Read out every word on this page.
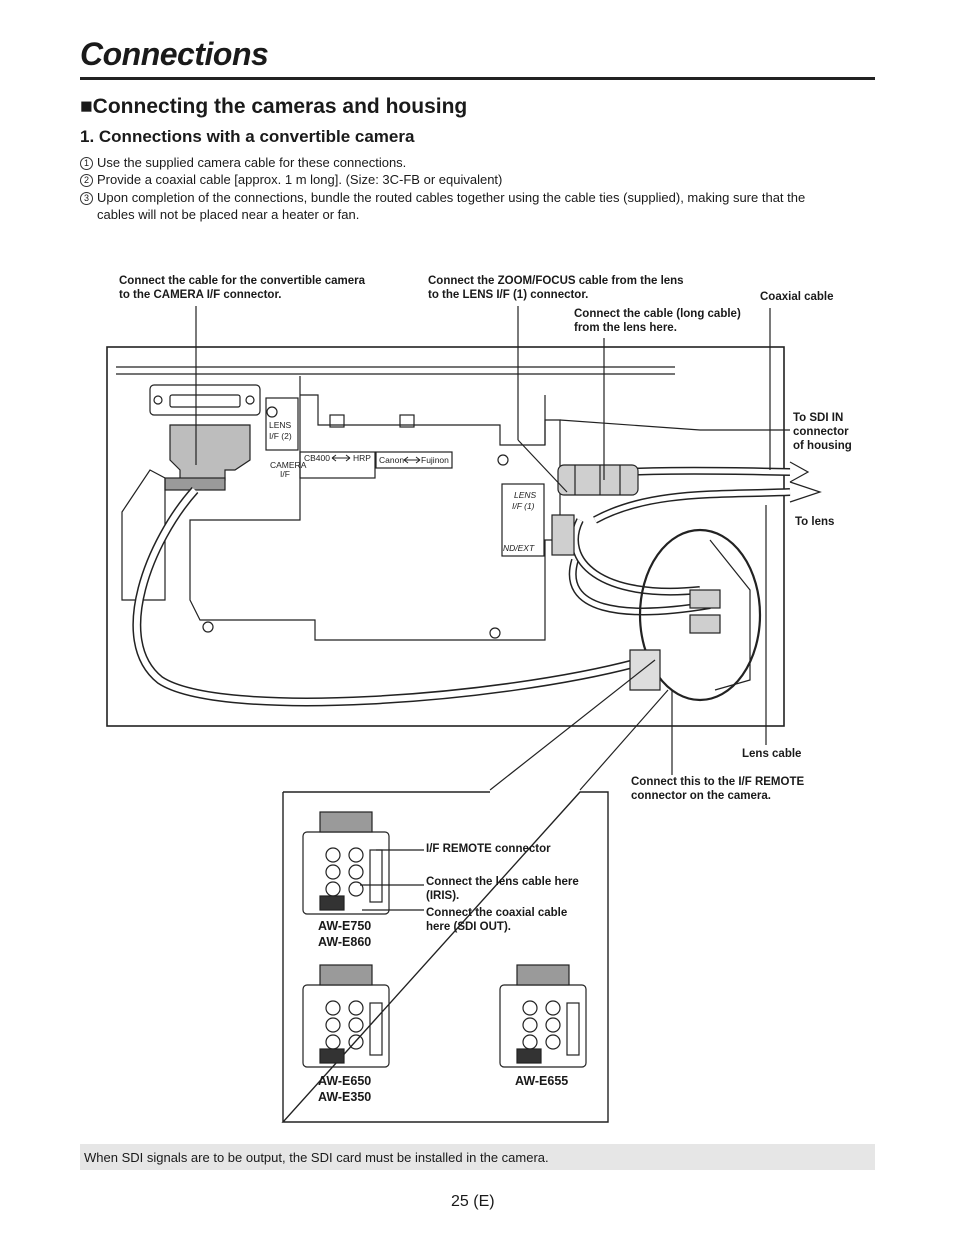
Connections
■Connecting the cameras and housing
1. Connections with a convertible camera
1 Use the supplied camera cable for these connections.
2 Provide a coaxial cable [approx. 1 m long]. (Size: 3C-FB or equivalent)
3 Upon completion of the connections, bundle the routed cables together using the cable ties (supplied), making sure that the
cables will not be placed near a heater or fan.
LENS
I/F (2)
CAMERA
I/F
CB400	HRP Canon Fujinon
LENS
I/F (1)
ND/EXT
Connect the cable for the convertible camera
to the CAMERA I/F connector.
Connect the ZOOM/FOCUS cable from the lens
to the LENS I/F (1) connector.
Connect the cable (long cable)
from the lens here.
Coaxial cable
To SDI IN
connector
of housing
To lens
Lens cable
Connect this to the I/F REMOTE
connector on the camera.
I/F REMOTE connector
Connect the lens cable here
(IRIS).
Connect the coaxial cable
here (SDI OUT).
AW-E750
AW-E860
AW-E650
AW-E350
AW-E655
When SDI signals are to be output, the SDI card must be installed in the camera.
25 (E)
